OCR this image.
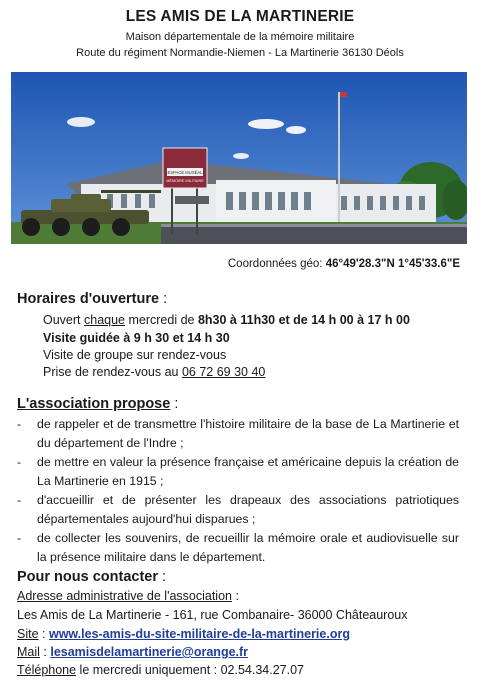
LES AMIS DE LA MARTINERIE
Maison départementale de la mémoire militaire
Route du régiment Normandie-Niemen - La Martinerie 36130 Déols
ESPACE MUSÉAL
MÉMOIRE MILITAIRE
Coordonnées géo: 46°49'28.3"N 1°45'33.6"E
Horaires d'ouverture :
Ouvert chaque mercredi de 8h30 à 11h30 et de 14 h 00 à 17 h 00
Visite guidée à 9 h 30 et 14 h 30
Visite de groupe sur rendez-vous
Prise de rendez-vous au 06 72 69 30 40
L'association propose :
-	de rappeler et de transmettre l'histoire militaire de la base de La Martinerie et du département de l'Indre ;
-	de mettre en valeur la présence française et américaine depuis la création de La Martinerie en 1915 ;
-	d'accueillir et de présenter les drapeaux des associations patriotiques départementales aujourd'hui disparues ;
-	de collecter les souvenirs, de recueillir la mémoire orale et audiovisuelle sur la présence militaire dans le département.
Pour nous contacter :
Adresse administrative de l'association :
Les Amis de La Martinerie - 161, rue Combanaire- 36000 Châteauroux
Site : www.les-amis-du-site-militaire-de-la-martinerie.org
Mail : lesamisdelamartinerie@orange.fr
Téléphone le mercredi uniquement : 02.54.34.27.07
